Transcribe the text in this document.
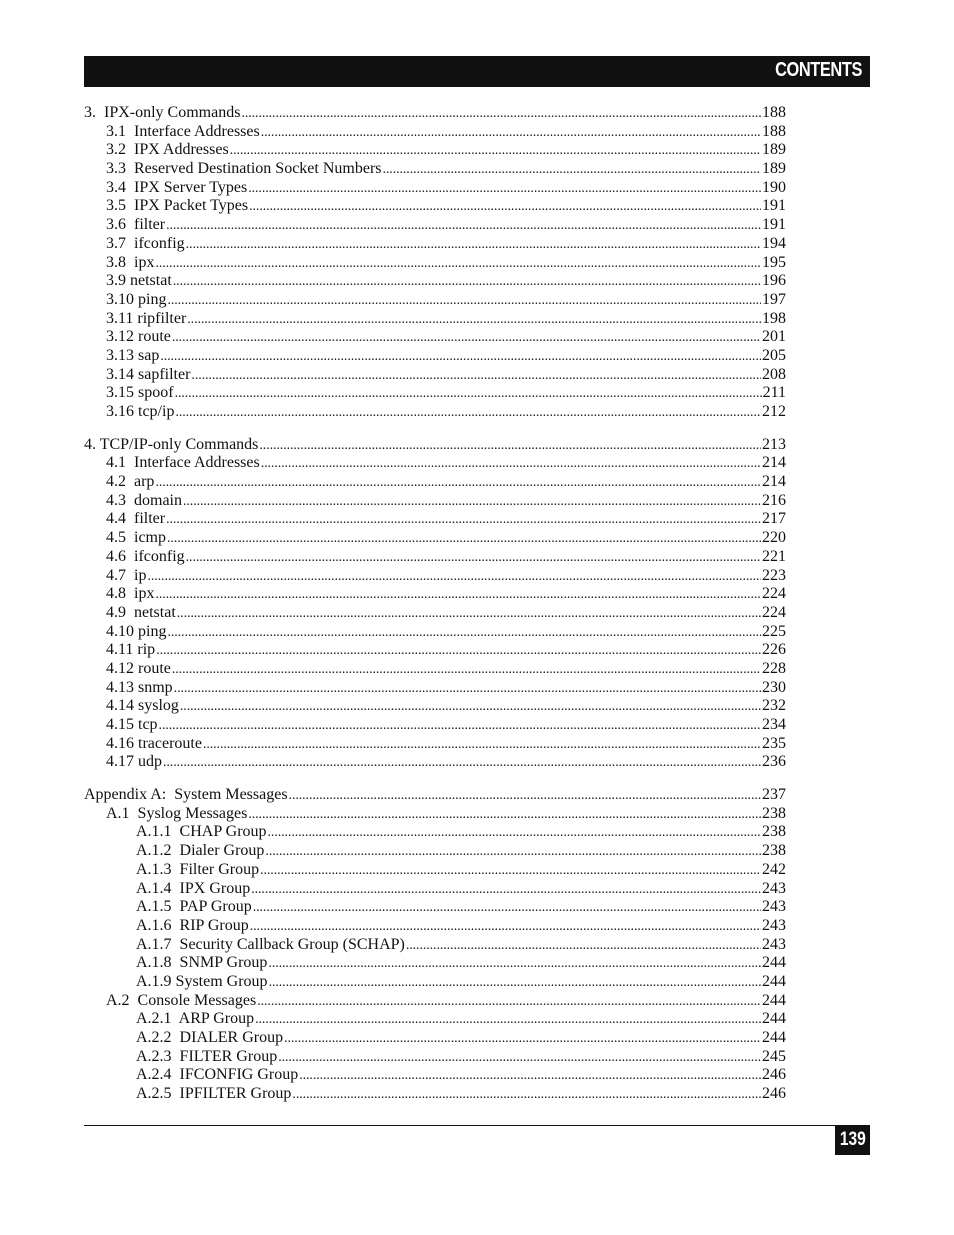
CONTENTS
3.  IPX-only Commands . . .	188
3.1  Interface Addresses . . .	188
3.2  IPX Addresses . . .	189
3.3  Reserved Destination Socket Numbers . . .	189
3.4  IPX Server Types . . .	190
3.5  IPX Packet Types . . .	191
3.6  filter . . .	191
3.7  ifconfig . . .	194
3.8  ipx . . .	195
3.9 netstat . . .	196
3.10 ping . . .	197
3.11 ripfilter . . .	198
3.12 route . . .	201
3.13 sap . . .	205
3.14 sapfilter . . .	208
3.15 spoof . . .	211
3.16 tcp/ip . . .	212
4. TCP/IP-only Commands . . .	213
4.1  Interface Addresses . . .	214
4.2  arp . . .	214
4.3  domain . . .	216
4.4  filter . . .	217
4.5  icmp . . .	220
4.6  ifconfig . . .	221
4.7  ip . . .	223
4.8  ipx . . .	224
4.9  netstat . . .	224
4.10 ping . . .	225
4.11 rip . . .	226
4.12 route . . .	228
4.13 snmp . . .	230
4.14 syslog . . .	232
4.15 tcp . . .	234
4.16 traceroute . . .	235
4.17 udp . . .	236
Appendix A:  System Messages . . .	237
A.1  Syslog Messages . . .	238
A.1.1  CHAP Group . . .	238
A.1.2  Dialer Group . . .	238
A.1.3  Filter Group . . .	242
A.1.4  IPX Group . . .	243
A.1.5  PAP Group . . .	243
A.1.6  RIP Group . . .	243
A.1.7  Security Callback Group (SCHAP) . . .	243
A.1.8  SNMP Group . . .	244
A.1.9 System Group . . .	244
A.2  Console Messages . . .	244
A.2.1  ARP Group . . .	244
A.2.2  DIALER Group . . .	244
A.2.3  FILTER Group . . .	245
A.2.4  IFCONFIG Group . . .	246
A.2.5  IPFILTER Group . . .	246
139
